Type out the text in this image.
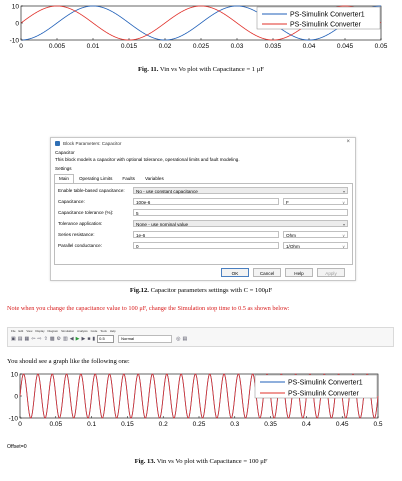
0	0.005	0.01	0.015	0.02	0.025	0.03	0.035	0.04	0.045	0.05
10
0
-10
PS-Simulink Converter1
PS-Simulink Converter
Fig. 11. Vin vs Vo plot with Capacitance = 1 μF
Block Parameters: Capacitor	×
Capacitor
This block models a capacitor with optional tolerance, operational limits and fault modeling.
Settings
Main	Operating Limits	Faults	Variables
Enable table-based capacitance:	No - use constant capacitance	▾
Capacitance:	100e-6	F	∨
Capacitance tolerance (%):	5
Tolerance application:	None - use nominal value	▾
Series resistance:	1e-6	Ohm	∨
Parallel conductance:	0	1/Ohm	∨
OK	Cancel	Help	Apply
Fig.12. Capacitor parameters settings with C = 100μF
Note when you change the capacitance value to 100 μF, change the Simulation stop time to 0.5 as shown below:
File Edit View Display Diagram Simulation Analysis Code Tools Help
▣ ▤ ▦ ⇦ ⇨ ⇧ ▩ ⚙ ▥ ◀ ▶ ▶ ■ ▮	0.5	Normal	◎ ▤
You should see a graph like the following one:
0	0.05	0.1	0.15	0.2	0.25	0.3	0.35	0.4	0.45	0.5
10
0
-10
PS-Simulink Converter1
PS-Simulink Converter
Offset=0
Fig. 13. Vin vs Vo plot with Capacitance = 100 μF
